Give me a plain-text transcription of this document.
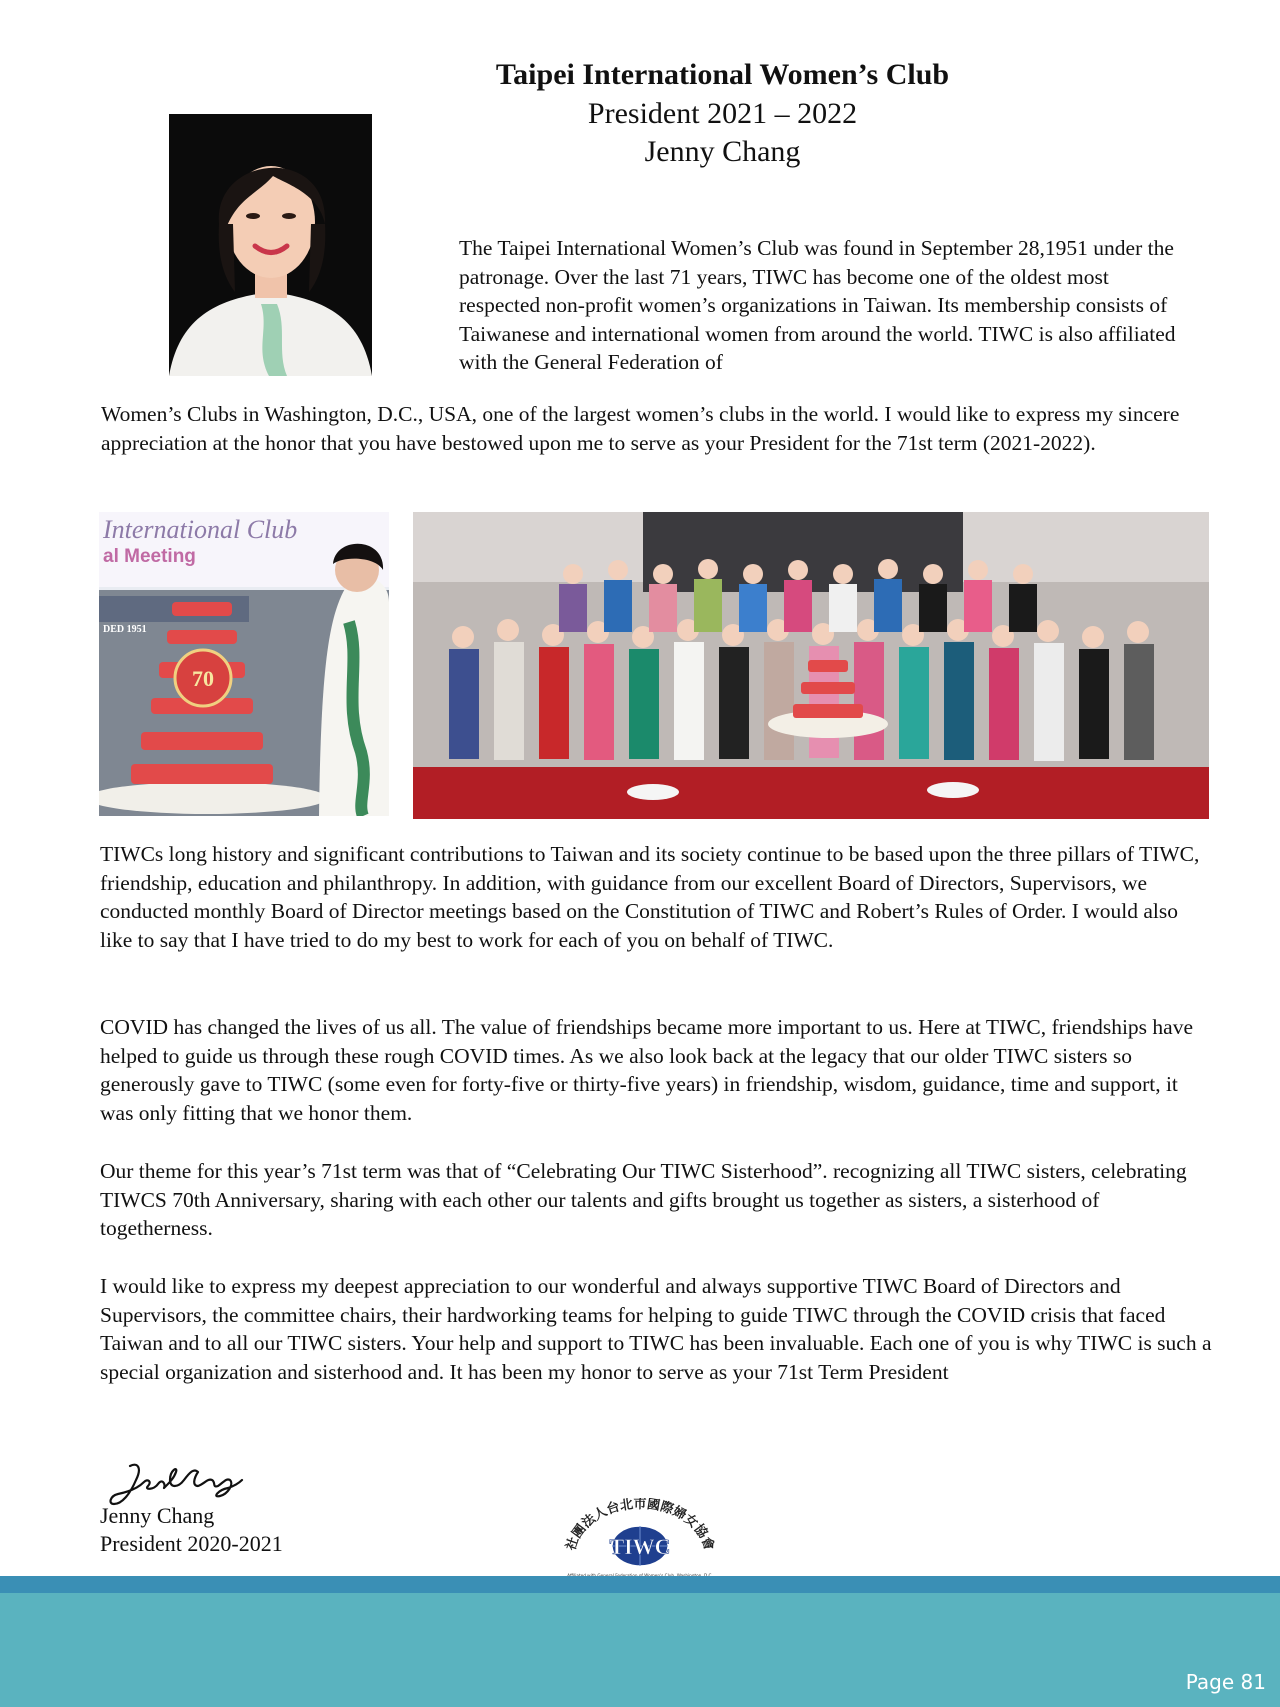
Taipei International Women’s Club
President 2021 – 2022
Jenny Chang

The Taipei International Women’s Club was found in September 28,1951 under the patronage. Over the last 71 years, TIWC has become one of the oldest most respected non-profit women’s organizations in Taiwan. Its membership consists of Taiwanese and international women from around the world. TIWC is also affiliated with the General Federation of

Women’s Clubs in Washington, D.C., USA, one of the largest women’s clubs in the world. I would like to express my sincere appreciation at the honor that you have bestowed upon me to serve as your President for the 71st term (2021-2022).

International Club
al Meeting
DED 1951
70

TIWCs long history and significant contributions to Taiwan and its society continue to be based upon the three pillars of TIWC, friendship, education and philanthropy. In addition, with guidance from our excellent Board of Directors, Supervisors, we conducted monthly Board of Director meetings based on the Constitution of TIWC and Robert’s Rules of Order. I would also like to say that I have tried to do my best to work for each of you on behalf of TIWC.

COVID has changed the lives of us all. The value of friendships became more important to us. Here at TIWC, friendships have helped to guide us through these rough COVID times. As we also look back at the legacy that our older TIWC sisters so generously gave to TIWC (some even for forty-five or thirty-five years) in friendship, wisdom, guidance, time and support, it was only fitting that we honor them.

Our theme for this year’s 71st term was that of “Celebrating Our TIWC Sisterhood”. recognizing all TIWC sisters, celebrating TIWCS 70th Anniversary, sharing with each other our talents and gifts brought us together as sisters, a sisterhood of togetherness.

I would like to express my deepest appreciation to our wonderful and always supportive TIWC Board of Directors and Supervisors, the committee chairs, their hardworking teams for helping to guide TIWC through the COVID crisis that faced Taiwan and to all our TIWC sisters. Your help and support to TIWC has been invaluable. Each one of you is why TIWC is such a special organization and sisterhood and. It has been my honor to serve as your 71st Term President

Jenny Chang
President 2020-2021	社團法人台北市國際婦女協會
TIWC
Page 81
